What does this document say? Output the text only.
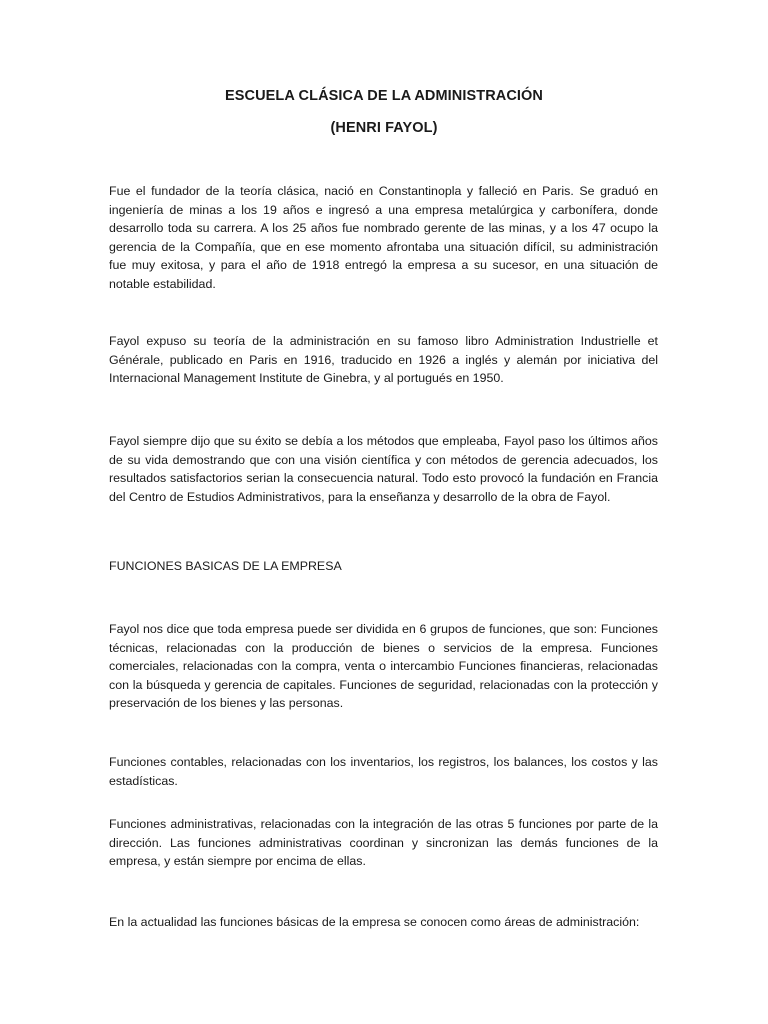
ESCUELA CLÁSICA DE LA ADMINISTRACIÓN
(HENRI FAYOL)

Fue el fundador de la teoría clásica, nació en Constantinopla y falleció en Paris. Se graduó en ingeniería de minas a los 19 años e ingresó a una empresa metalúrgica y carbonífera, donde desarrollo toda su carrera. A los 25 años fue nombrado gerente de las minas, y a los 47 ocupo la gerencia de la Compañía, que en ese momento afrontaba una situación difícil, su administración fue muy exitosa, y para el año de 1918 entregó la empresa a su sucesor, en una situación de notable estabilidad.

Fayol expuso su teoría de la administración en su famoso libro Administration Industrielle et Générale, publicado en Paris en 1916, traducido en 1926 a inglés y alemán por iniciativa del Internacional Management Institute de Ginebra, y al portugués en 1950.

Fayol siempre dijo que su éxito se debía a los métodos que empleaba, Fayol paso los últimos años de su vida demostrando que con una visión científica y con métodos de gerencia adecuados, los resultados satisfactorios serian la consecuencia natural. Todo esto provocó la fundación en Francia del Centro de Estudios Administrativos, para la enseñanza y desarrollo de la obra de Fayol.

FUNCIONES BASICAS DE LA EMPRESA

Fayol nos dice que toda empresa puede ser dividida en 6 grupos de funciones, que son: Funciones técnicas, relacionadas con la producción de bienes o servicios de la empresa. Funciones comerciales, relacionadas con la compra, venta o intercambio Funciones financieras, relacionadas con la búsqueda y gerencia de capitales. Funciones de seguridad, relacionadas con la protección y preservación de los bienes y las personas.

Funciones contables, relacionadas con los inventarios, los registros, los balances, los costos y las estadísticas.

Funciones administrativas, relacionadas con la integración de las otras 5 funciones por parte de la dirección. Las funciones administrativas coordinan y sincronizan las demás funciones de la empresa, y están siempre por encima de ellas.

En la actualidad las funciones básicas de la empresa se conocen como áreas de administración:
